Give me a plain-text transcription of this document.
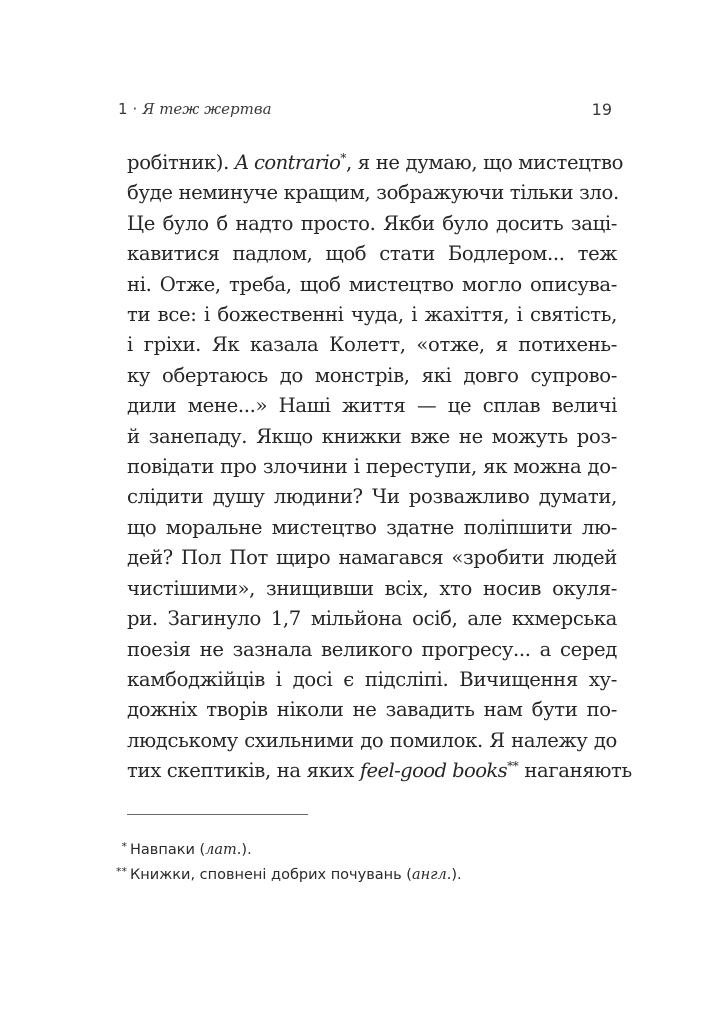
1 · Я теж жертва	19
робітник). A contrario*, я не думаю, що мистецтво
буде неминуче кращим, зображуючи тільки зло.
Це було б надто просто. Якби було досить заці-
кавитися падлом, щоб стати Бодлером... теж
ні. Отже, треба, щоб мистецтво могло описува-
ти все: і божественні чуда, і жахіття, і святість,
і гріхи. Як казала Колетт, «отже, я потихень-
ку обертаюсь до монстрів, які довго супрово-
дили мене...» Наші життя — це сплав величі
й занепаду. Якщо книжки вже не можуть роз-
повідати про злочини і переступи, як можна до-
слідити душу людини? Чи розважливо думати,
що моральне мистецтво здатне поліпшити лю-
дей? Пол Пот щиро намагався «зробити людей
чистішими», знищивши всіх, хто носив окуля-
ри. Загинуло 1,7 мільйона осіб, але кхмерська
поезія не зазнала великого прогресу... а серед
камбоджійців і досі є підсліпі. Вичищення ху-
дожніх творів ніколи не завадить нам бути по-
людському схильними до помилок. Я належу до
тих скептиків, на яких feel-good books** наганяють
* Навпаки (лат.).
** Книжки, сповнені добрих почувань (англ.).
